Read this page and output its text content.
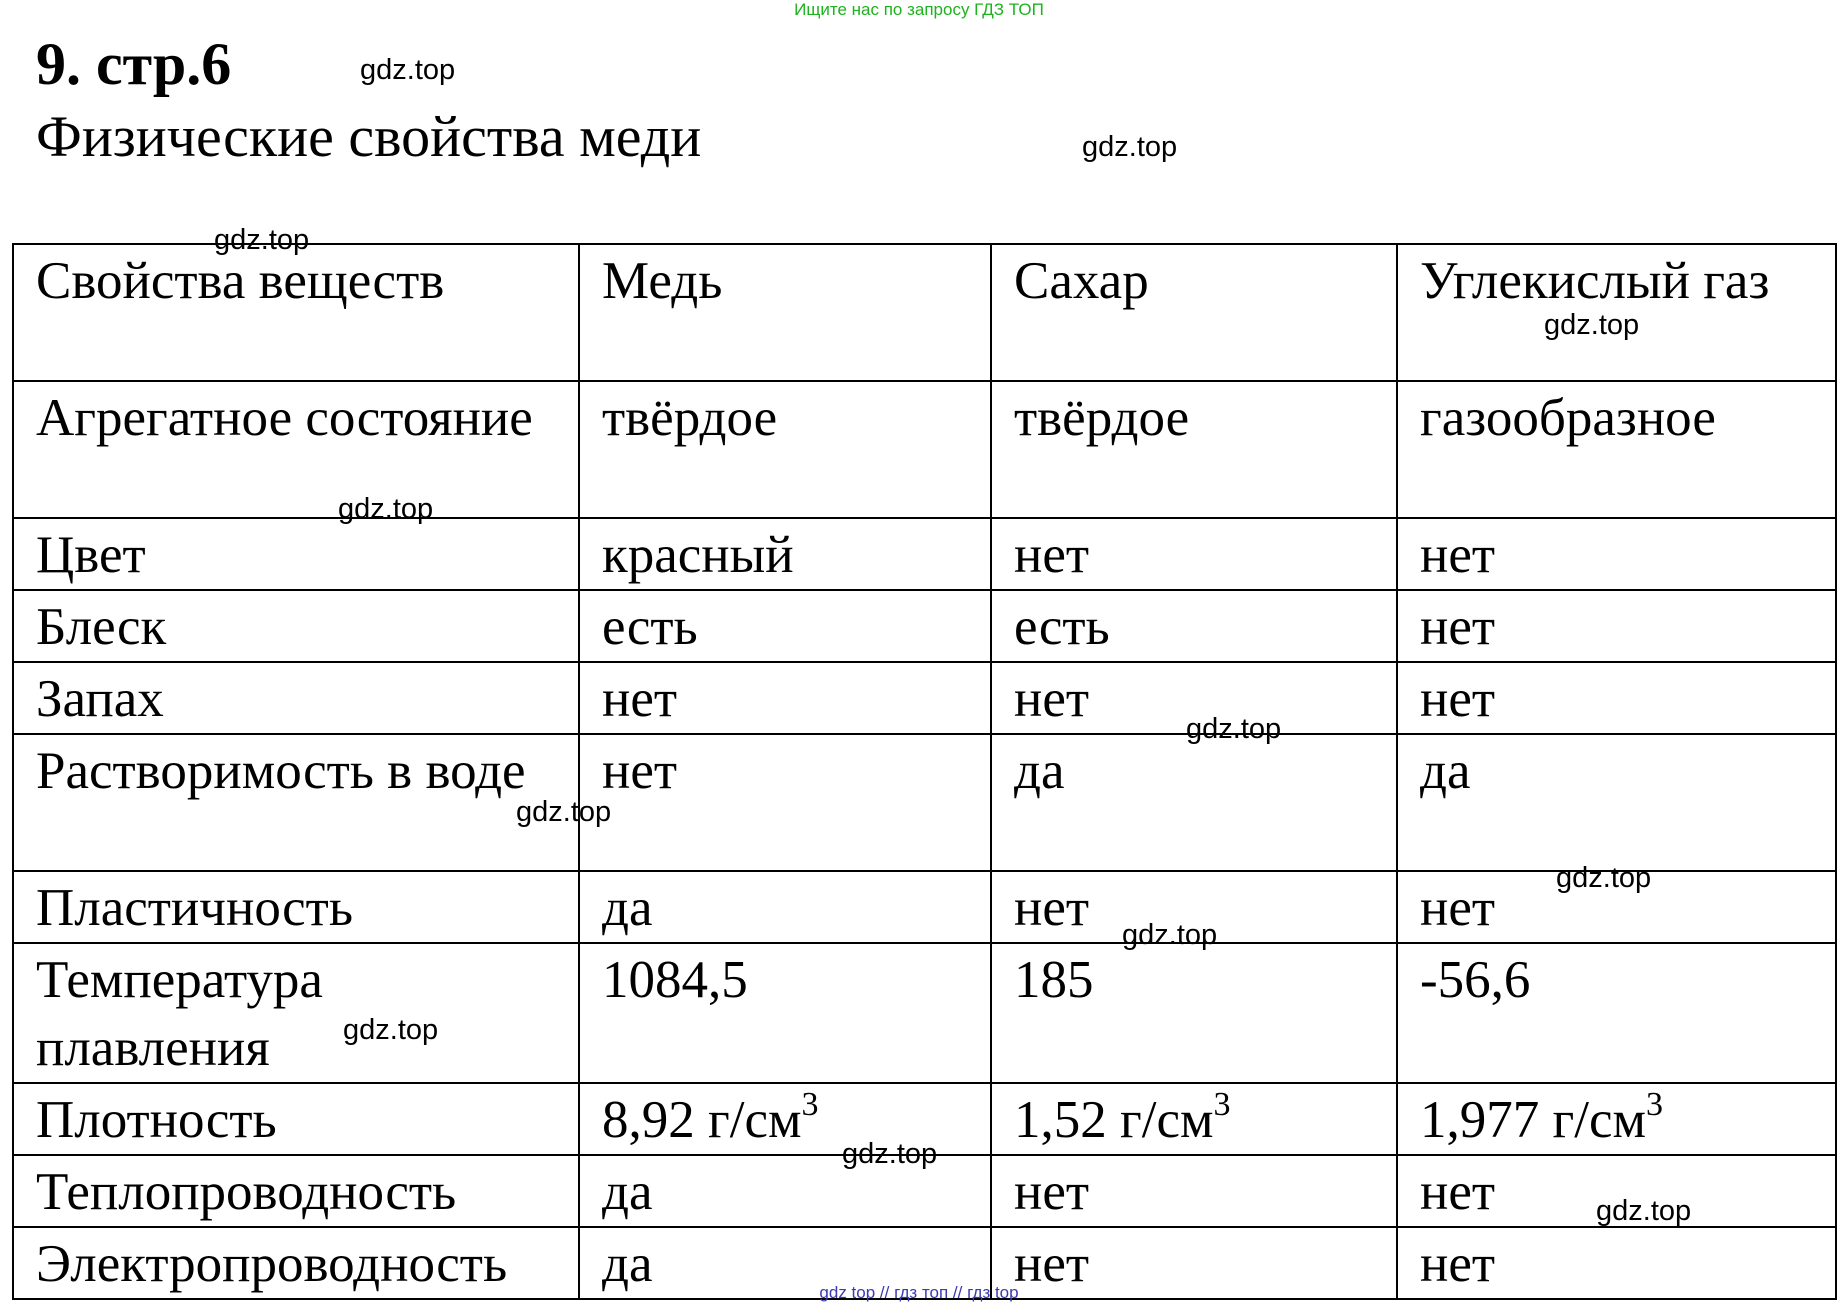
Ищите нас по запросу ГДЗ ТОП
9. стр.6
Физические свойства меди
Свойства веществ	Медь	Сахар	Углекислый газ
Агрегатное состояние	твёрдое	твёрдое	газообразное
Цвет	красный	нет	нет
Блеск	есть	есть	нет
Запах	нет	нет	нет
Растворимость в воде	нет	да	да
Пластичность	да	нет	нет
Температура плавления	1084,5	185	-56,6
Плотность	8,92 $г/см^3$	1,52 $г/см^3$	1,977 $г/см^3$
Теплопроводность	да	нет	нет
Электропроводность	да	нет	нет
gdz.top
gdz.top
gdz.top
gdz.top
gdz.top
gdz.top
gdz.top
gdz.top
gdz.top
gdz.top
gdz.top
gdz.top
gdz top // гдз топ // гдз top
